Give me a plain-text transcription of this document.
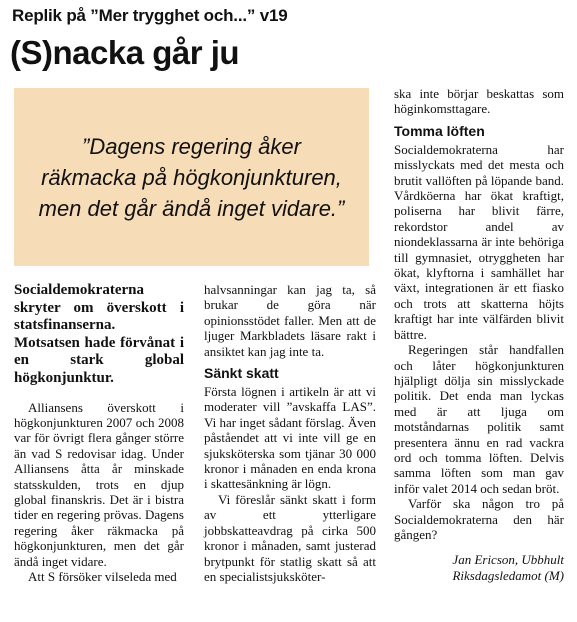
Replik på ”Mer trygghet och...” v19
(S)nacka går ju

”Dagens regering åker räkmacka på högkonjunkturen, men det går ändå inget vidare.”

Socialdemokraterna skryter om överskott i statsfinanserna. Motsatsen hade förvånat i en stark global högkonjunktur.

Alliansens överskott i högkonjunkturen 2007 och 2008 var för övrigt flera gånger större än vad S redovisar idag. Under Alliansens åtta år minskade statsskulden, trots en djup global finanskris. Det är i bistra tider en regering prövas. Dagens regering åker räkmacka på högkonjunkturen, men det går ändå inget vidare.

Att S försöker vilseleda med

halvsanningar kan jag ta, så brukar de göra när opinionsstödet faller. Men att de ljuger Markbladets läsare rakt i ansiktet kan jag inte ta.

Sänkt skatt

Första lögnen i artikeln är att vi moderater vill ”avskaffa LAS”. Vi har inget sådant förslag. Även påståendet att vi inte vill ge en sjuksköterska som tjänar 30 000 kronor i månaden en enda krona i skattesänkning är lögn.

Vi föreslår sänkt skatt i form av ett ytterligare jobbskatteavdrag på cirka 500 kronor i månaden, samt justerad brytpunkt för statlig skatt så att en specialistsjuksköter-

ska inte börjar beskattas som höginkomsttagare.

Tomma löften

Socialdemokraterna har misslyckats med det mesta och brutit vallöften på löpande band. Vårdköerna har ökat kraftigt, poliserna har blivit färre, rekordstor andel av niondeklassarna är inte behöriga till gymnasiet, otryggheten har ökat, klyftorna i samhället har växt, integrationen är ett fiasko och trots att skatterna höjts kraftigt har inte välfärden blivit bättre.

Regeringen står handfallen och låter högkonjunkturen hjälpligt dölja sin misslyckade politik. Det enda man lyckas med är att ljuga om motståndarnas politik samt presentera ännu en rad vackra ord och tomma löften. Delvis samma löften som man gav inför valet 2014 och sedan bröt.

Varför ska någon tro på Socialdemokraterna den här gången?

Jan Ericson, Ubbhult
Riksdagsledamot (M)
